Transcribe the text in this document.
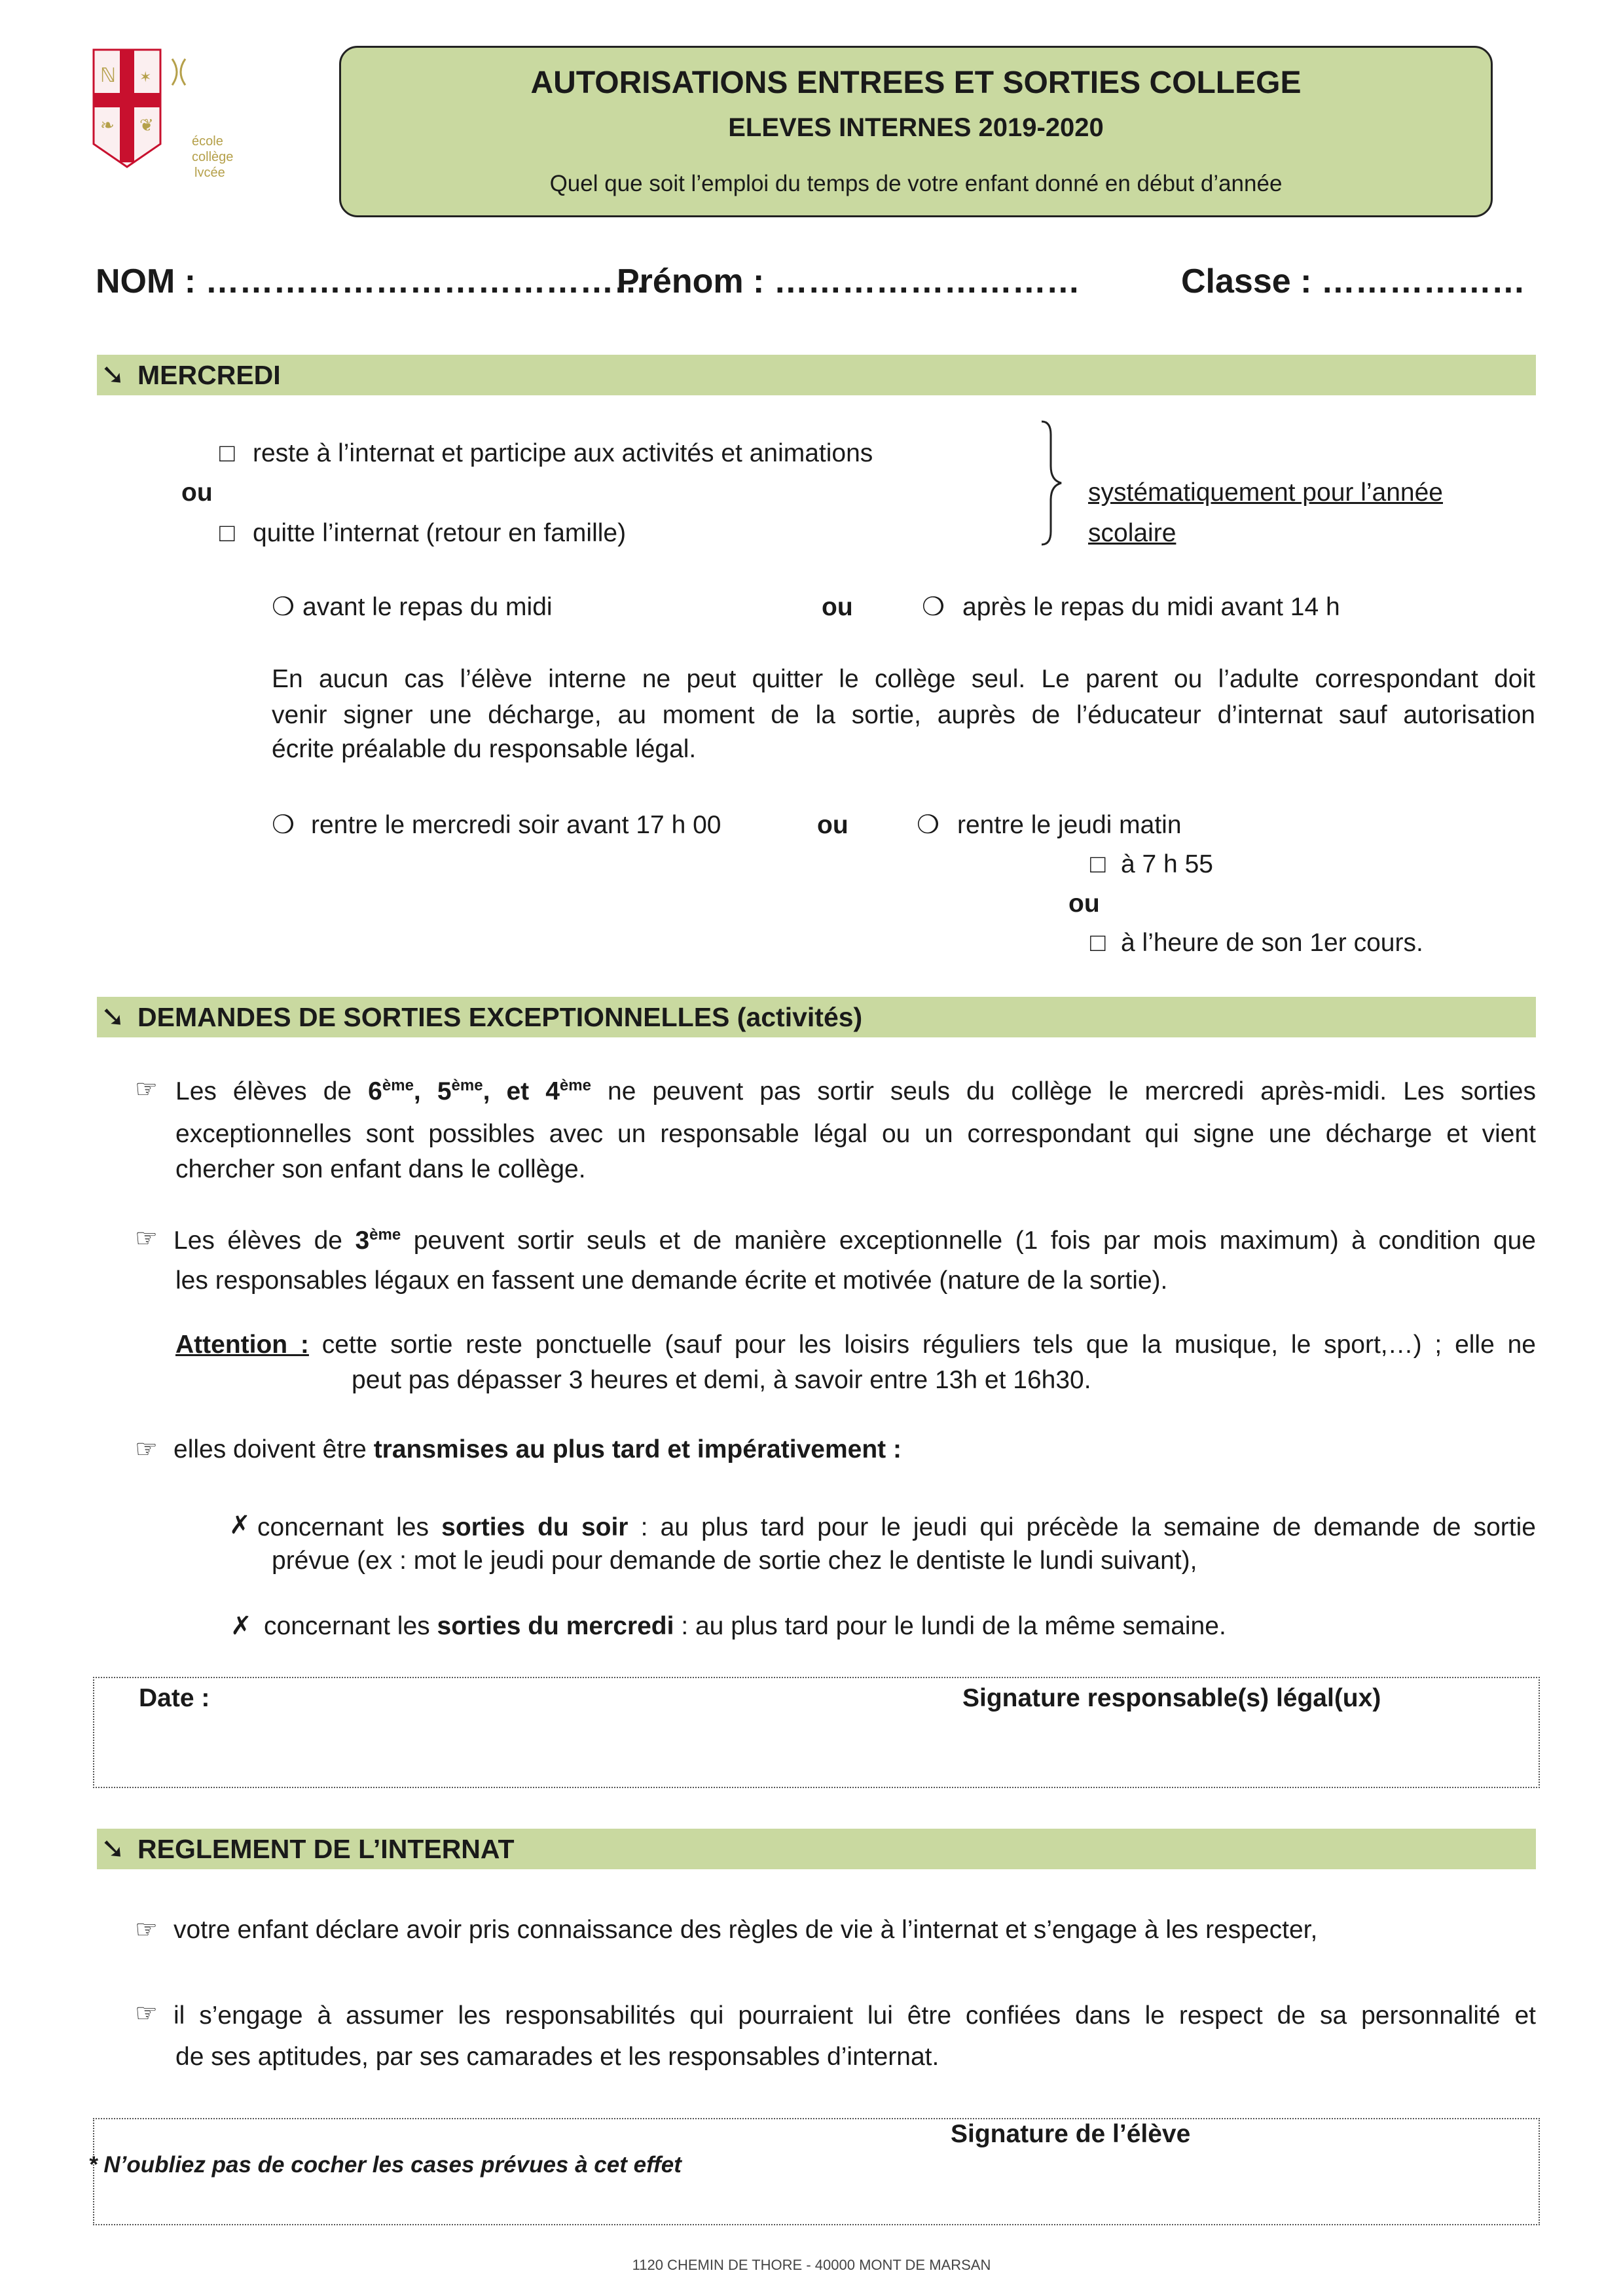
ℕ ✶
❧ ❦
école
collège
lycée
AUTORISATIONS ENTREES ET SORTIES COLLEGE
ELEVES INTERNES 2019-2020
Quel que soit l’emploi du temps de votre enfant donné en début d’année
NOM : …………………………………
Prénom : ………………………	Classe : ………………
➘ MERCREDI
□ reste à l’internat et participe aux activités et animations
ou
□ quitte l’internat (retour en famille)
systématiquement pour l’année
scolaire
❍ avant le repas du midi	ou	❍ après le repas du midi avant 14 h
En aucun cas l’élève interne ne peut quitter le collège seul. Le parent ou l’adulte correspondant doit
venir signer une décharge, au moment de la sortie, auprès de l’éducateur d’internat sauf autorisation
écrite préalable du responsable légal.
❍ rentre le mercredi soir avant 17 h 00	ou	❍ rentre le jeudi matin
□ à 7 h 55
ou
□ à l’heure de son 1er cours.
➘ DEMANDES DE SORTIES EXCEPTIONNELLES (activités)
☞ Les élèves de 6ème, 5ème, et 4ème ne peuvent pas sortir seuls du collège le mercredi après-midi. Les sorties
exceptionnelles sont possibles avec un responsable légal ou un correspondant qui signe une décharge et vient
chercher son enfant dans le collège.
☞ Les élèves de 3ème peuvent sortir seuls et de manière exceptionnelle (1 fois par mois maximum) à condition que
les responsables légaux en fassent une demande écrite et motivée (nature de la sortie).
Attention : cette sortie reste ponctuelle (sauf pour les loisirs réguliers tels que la musique, le sport,…) ; elle ne
peut pas dépasser 3 heures et demi, à savoir entre 13h et 16h30.
☞ elles doivent être transmises au plus tard et impérativement :
✗ concernant les sorties du soir : au plus tard pour le jeudi qui précède la semaine de demande de sortie
prévue (ex : mot le jeudi pour demande de sortie chez le dentiste le lundi suivant),
✗ concernant les sorties du mercredi : au plus tard pour le lundi de la même semaine.
Date :	Signature responsable(s) légal(ux)
➘ REGLEMENT DE L’INTERNAT
☞ votre enfant déclare avoir pris connaissance des règles de vie à l’internat et s’engage à les respecter,
☞ il s’engage à assumer les responsabilités qui pourraient lui être confiées dans le respect de sa personnalité et
de ses aptitudes, par ses camarades et les responsables d’internat.
Signature de l’élève
* N’oubliez pas de cocher les cases prévues à cet effet
1120 CHEMIN DE THORE - 40000 MONT DE MARSAN
